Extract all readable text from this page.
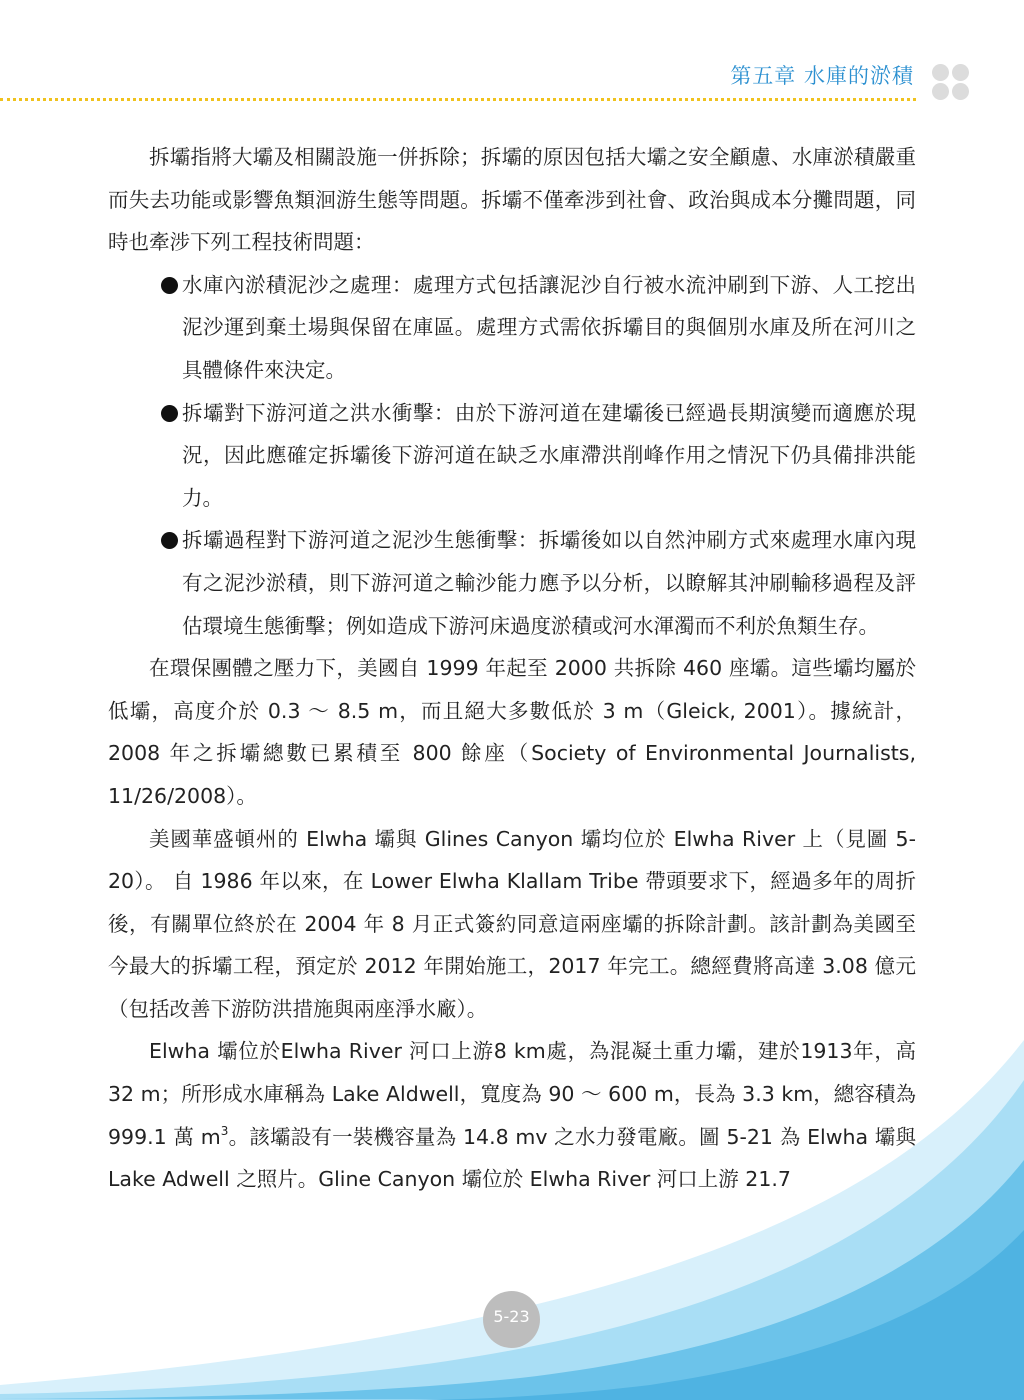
第五章 水庫的淤積

拆壩指將大壩及相關設施一併拆除；拆壩的原因包括大壩之安全顧慮、水庫淤積嚴重而失去功能或影響魚類洄游生態等問題。拆壩不僅牽涉到社會、政治與成本分攤問題，同時也牽涉下列工程技術問題：

水庫內淤積泥沙之處理：處理方式包括讓泥沙自行被水流沖刷到下游、人工挖出泥沙運到棄土場與保留在庫區。處理方式需依拆壩目的與個別水庫及所在河川之具體條件來決定。
拆壩對下游河道之洪水衝擊：由於下游河道在建壩後已經過長期演變而適應於現況，因此應確定拆壩後下游河道在缺乏水庫滯洪削峰作用之情況下仍具備排洪能力。
拆壩過程對下游河道之泥沙生態衝擊：拆壩後如以自然沖刷方式來處理水庫內現有之泥沙淤積，則下游河道之輸沙能力應予以分析，以瞭解其沖刷輸移過程及評估環境生態衝擊；例如造成下游河床過度淤積或河水渾濁而不利於魚類生存。

在環保團體之壓力下，美國自 1999 年起至 2000 共拆除 460 座壩。這些壩均屬於低壩，高度介於 0.3 ～ 8.5 m，而且絕大多數低於 3 m（Gleick, 2001）。據統計，2008 年之拆壩總數已累積至 800 餘座（Society of Environmental Journalists, 11/26/2008）。

美國華盛頓州的 Elwha 壩與 Glines Canyon 壩均位於 Elwha River 上（見圖 5-20）。 自 1986 年以來，在 Lower Elwha Klallam Tribe 帶頭要求下，經過多年的周折後，有關單位終於在 2004 年 8 月正式簽約同意這兩座壩的拆除計劃。該計劃為美國至今最大的拆壩工程，預定於 2012 年開始施工，2017 年完工。總經費將高達 3.08 億元（包括改善下游防洪措施與兩座淨水廠）。

Elwha 壩位於Elwha River 河口上游8 km處，為混凝土重力壩，建於1913年，高 32 m；所形成水庫稱為 Lake Aldwell，寬度為 90 ～ 600 m，長為 3.3 km，總容積為 999.1 萬 $m^3$。該壩設有一裝機容量為 14.8 mv 之水力發電廠。圖 5-21 為 Elwha 壩與 Lake Adwell 之照片。Gline Canyon 壩位於 Elwha River 河口上游 21.7

5-23
